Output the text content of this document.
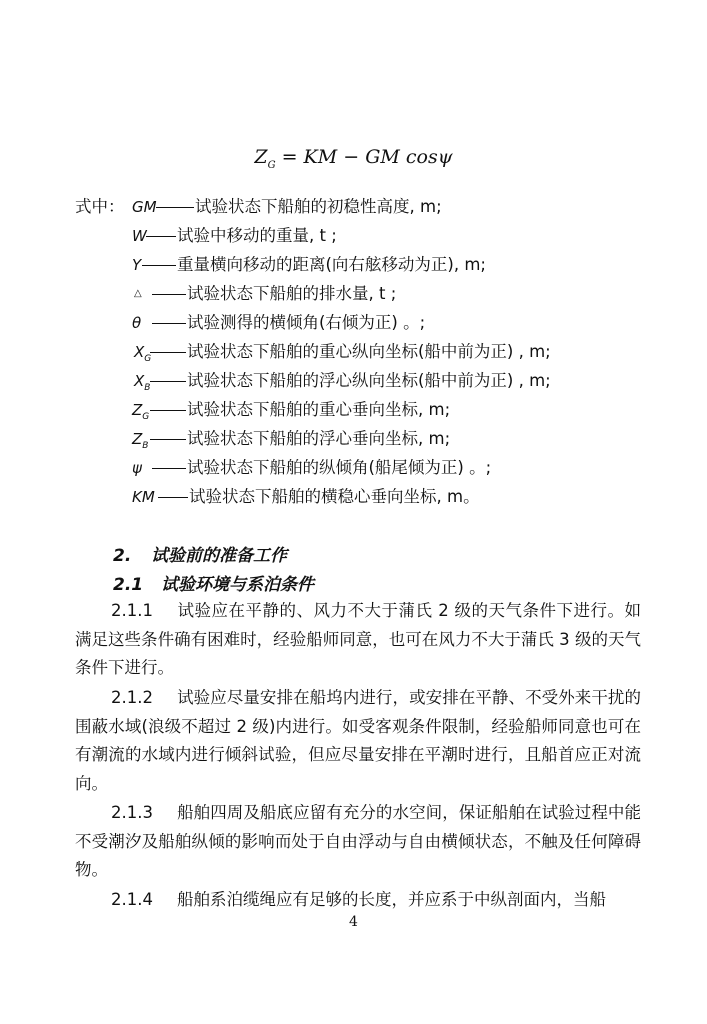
$Z_G$ = KM − GM cosψ
式中： GM	试验状态下船舶的初稳性高度, m;
W	试验中移动的重量, t ;
Y	重量横向移动的距离(向右舷移动为正), m;
△	试验状态下船舶的排水量, t ;
θ	试验测得的横倾角(右倾为正) 。;
$X_G$	试验状态下船舶的重心纵向坐标(船中前为正) , m;
$X_B$	试验状态下船舶的浮心纵向坐标(船中前为正) , m;
$Z_G$	试验状态下船舶的重心垂向坐标, m;
$Z_B$	试验状态下船舶的浮心垂向坐标, m;
ψ	试验状态下船舶的纵倾角(船尾倾为正) 。;
KM	试验状态下船舶的横稳心垂向坐标, m。
2. 试验前的准备工作
2.1 试验环境与系泊条件

2.1.1 试验应在平静的、风力不大于蒲氏 2 级的天气条件下进行。如满足这些条件确有困难时，经验船师同意，也可在风力不大于蒲氏 3 级的天气条件下进行。

2.1.2 试验应尽量安排在船坞内进行，或安排在平静、不受外来干扰的围蔽水域(浪级不超过 2 级)内进行。如受客观条件限制，经验船师同意也可在有潮流的水域内进行倾斜试验，但应尽量安排在平潮时进行，且船首应正对流向。

2.1.3 船舶四周及船底应留有充分的水空间，保证船舶在试验过程中能不受潮汐及船舶纵倾的影响而处于自由浮动与自由横倾状态，不触及任何障碍物。

2.1.4 船舶系泊缆绳应有足够的长度，并应系于中纵剖面内，当船

4
